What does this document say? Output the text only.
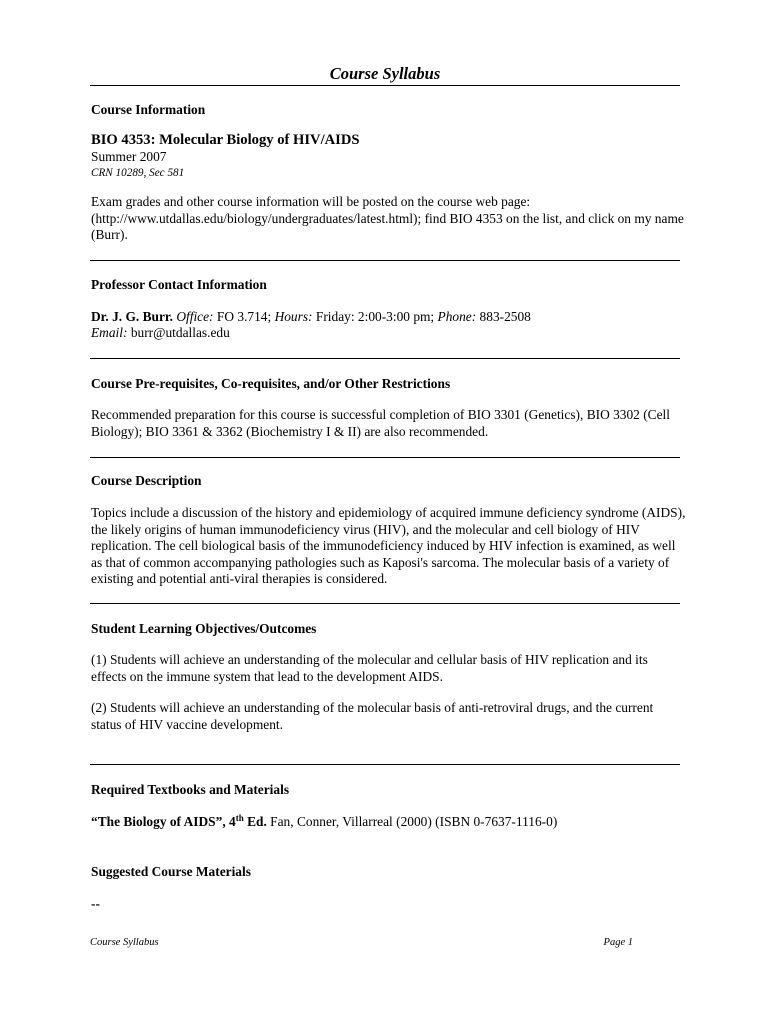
Course Syllabus
Course Information
BIO 4353: Molecular Biology of HIV/AIDS
Summer 2007
CRN 10289, Sec 581
Exam grades and other course information will be posted on the course web page: (http://www.utdallas.edu/biology/undergraduates/latest.html); find BIO 4353 on the list, and click on my name (Burr).
Professor Contact Information
Dr. J. G. Burr. Office: FO 3.714; Hours: Friday: 2:00-3:00 pm; Phone: 883-2508
Email: burr@utdallas.edu
Course Pre-requisites, Co-requisites, and/or Other Restrictions
Recommended preparation for this course is successful completion of BIO 3301 (Genetics), BIO 3302 (Cell Biology); BIO 3361 & 3362 (Biochemistry I & II) are also recommended.
Course Description
Topics include a discussion of the history and epidemiology of acquired immune deficiency syndrome (AIDS), the likely origins of human immunodeficiency virus (HIV), and the molecular and cell biology of HIV replication. The cell biological basis of the immunodeficiency induced by HIV infection is examined, as well as that of common accompanying pathologies such as Kaposi's sarcoma. The molecular basis of a variety of existing and potential anti-viral therapies is considered.
Student Learning Objectives/Outcomes
(1) Students will achieve an understanding of the molecular and cellular basis of HIV replication and its effects on the immune system that lead to the development AIDS.
(2) Students will achieve an understanding of the molecular basis of anti-retroviral drugs, and the current status of HIV vaccine development.
Required Textbooks and Materials
“The Biology of AIDS”, 4th Ed. Fan, Conner, Villarreal (2000) (ISBN 0-7637-1116-0)
Suggested Course Materials
--
Course Syllabus	Page 1
